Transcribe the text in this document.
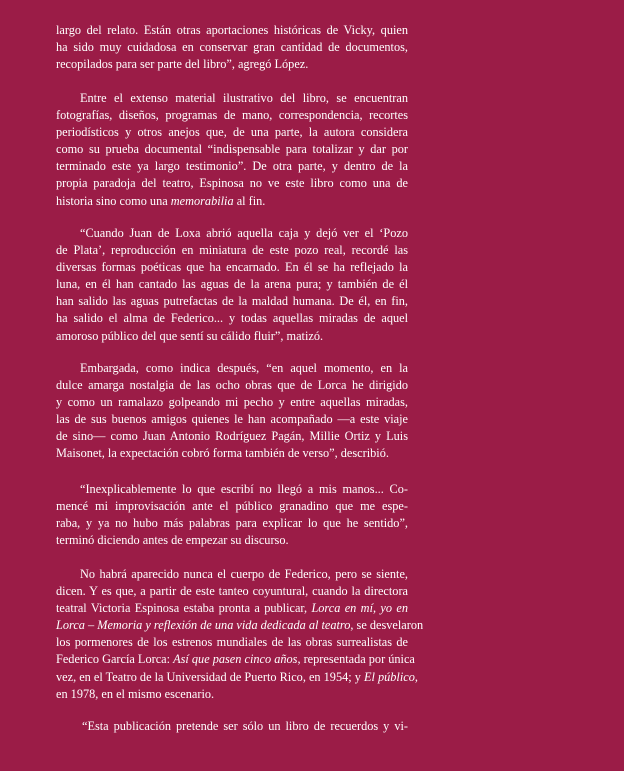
largo del relato. Están otras aportaciones históricas de Vicky, quien
ha sido muy cuidadosa en conservar gran cantidad de documentos,
recopilados para ser parte del libro”, agregó López.
Entre el extenso material ilustrativo del libro, se encuentran
fotografías, diseños, programas de mano, correspondencia, recortes
periodísticos y otros anejos que, de una parte, la autora considera
como su prueba documental “indispensable para totalizar y dar por
terminado este ya largo testimonio”. De otra parte, y dentro de la
propia paradoja del teatro, Espinosa no ve este libro como una de
historia sino como una memorabilia al fin.
“Cuando Juan de Loxa abrió aquella caja y dejó ver el ‘Pozo
de Plata’, reproducción en miniatura de este pozo real, recordé las
diversas formas poéticas que ha encarnado. En él se ha reflejado la
luna, en él han cantado las aguas de la arena pura; y también de él
han salido las aguas putrefactas de la maldad humana. De él, en fin,
ha salido el alma de Federico... y todas aquellas miradas de aquel
amoroso público del que sentí su cálido fluir”, matizó.
Embargada, como indica después, “en aquel momento, en la
dulce amarga nostalgia de las ocho obras que de Lorca he dirigido
y como un ramalazo golpeando mi pecho y entre aquellas miradas,
las de sus buenos amigos quienes le han acompañado —a este viaje
de sino— como Juan Antonio Rodríguez Pagán, Millie Ortiz y Luis
Maisonet, la expectación cobró forma también de verso”, describió.
“Inexplicablemente lo que escribí no llegó a mis manos... Co-
mencé mi improvisación ante el público granadino que me espe-
raba, y ya no hubo más palabras para explicar lo que he sentido”,
terminó diciendo antes de empezar su discurso.
No habrá aparecido nunca el cuerpo de Federico, pero se siente,
dicen. Y es que, a partir de este tanteo coyuntural, cuando la directora
teatral Victoria Espinosa estaba pronta a publicar, Lorca en mí, yo en
Lorca – Memoria y reflexión de una vida dedicada al teatro, se desvelaron
los pormenores de los estrenos mundiales de las obras surrealistas de
Federico García Lorca: Así que pasen cinco años, representada por única
vez, en el Teatro de la Universidad de Puerto Rico, en 1954; y El público,
en 1978, en el mismo escenario.
“Esta publicación pretende ser sólo un libro de recuerdos y vi-
